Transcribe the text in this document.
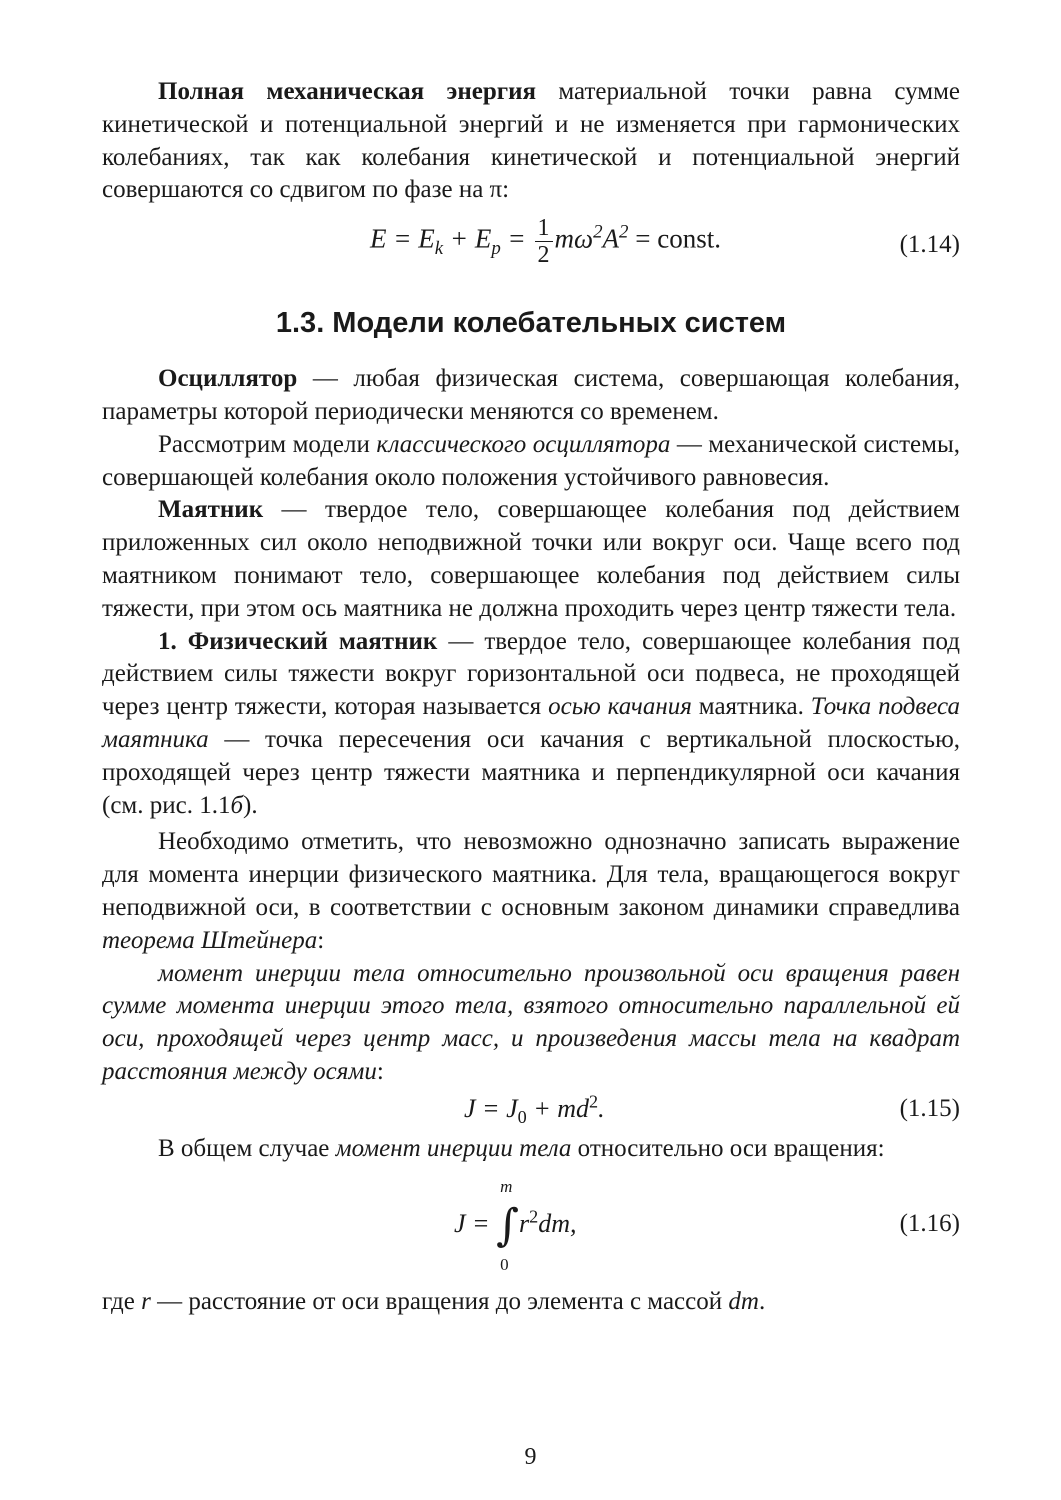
Полная механическая энергия материальной точки равна сумме кинетической и потенциальной энергий и не изменяется при гармонических колебаниях, так как колебания кинетической и потенциальной энергий совершаются со сдвигом по фазе на π:

$E = E_k + E_p = \frac{1}{2} m\omega^2A^2$ = const.	(1.14)
1.3. Модели колебательных систем

Осциллятор — любая физическая система, совершающая колебания, параметры которой периодически меняются со временем.

Рассмотрим модели классического осциллятора — механической системы, совершающей колебания около положения устойчивого равновесия.

Маятник — твердое тело, совершающее колебания под действием приложенных сил около неподвижной точки или вокруг оси. Чаще всего под маятником понимают тело, совершающее колебания под действием силы тяжести, при этом ось маятника не должна проходить через центр тяжести тела.

1. Физический маятник — твердое тело, совершающее колебания под действием силы тяжести вокруг горизонтальной оси подвеса, не проходящей через центр тяжести, которая называется осью качания маятника. Точка подвеса маятника — точка пересечения оси качания с вертикальной плоскостью, проходящей через центр тяжести маятника и перпендикулярной оси качания (см. рис. 1.1б).

Необходимо отметить, что невозможно однозначно записать выражение для момента инерции физического маятника. Для тела, вращающегося вокруг неподвижной оси, в соответствии с основным законом динамики справедлива теорема Штейнера:

момент инерции тела относительно произвольной оси вращения равен сумме момента инерции этого тела, взятого относительно параллельной ей оси, проходящей через центр масс, и произведения массы тела на квадрат расстояния между осями:

$J = J_0 + md^2$.	(1.15)

В общем случае момент инерции тела относительно оси вращения:

J = ∫
m
0
$r^2dm$,	(1.16)

где r — расстояние от оси вращения до элемента с массой dm.

9
